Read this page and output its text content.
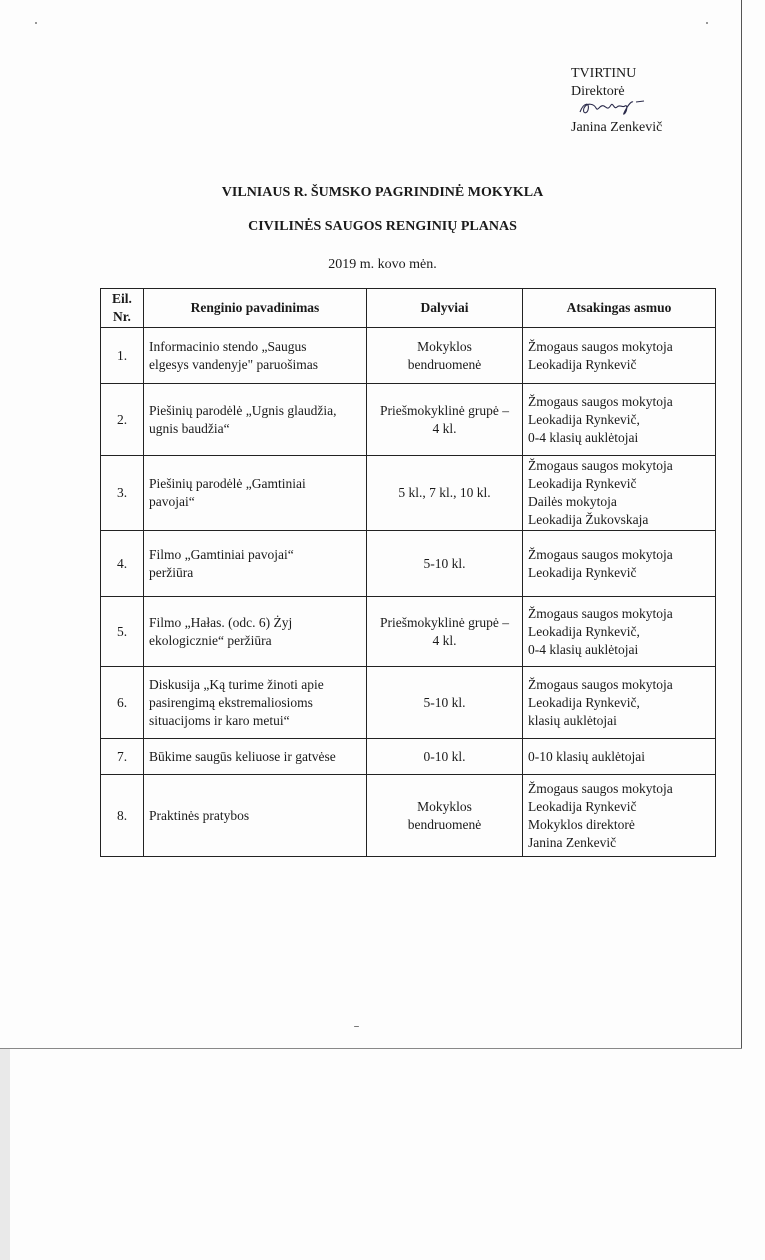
TVIRTINU
Direktorė
Janina Zenkevič
VILNIAUS R. ŠUMSKO PAGRINDINĖ MOKYKLA
CIVILINĖS SAUGOS RENGINIŲ PLANAS
2019 m. kovo mėn.
Eil. Nr.	Renginio pavadinimas	Dalyviai	Atsakingas asmuo
1.	Informacinio stendo „Saugus
elgesys vandenyje" paruošimas	Mokyklos
bendruomenė	Žmogaus saugos mokytoja
Leokadija Rynkevič

2.	Piešinių parodėlė „Ugnis glaudžia,
ugnis baudžia“	Priešmokyklinė grupė –
4 kl.	Žmogaus saugos mokytoja
Leokadija Rynkevič,
0-4 klasių auklėtojai

3.	Piešinių parodėlė „Gamtiniai
pavojai“	5 kl., 7 kl., 10 kl.	Žmogaus saugos mokytoja
Leokadija Rynkevič
Dailės mokytoja
Leokadija Žukovskaja

4.	Filmo „Gamtiniai pavojai“
peržiūra	5-10 kl.	Žmogaus saugos mokytoja
Leokadija Rynkevič

5.	Filmo „Hałas. (odc. 6) Żyj
ekologicznie“ peržiūra	Priešmokyklinė grupė –
4 kl.	Žmogaus saugos mokytoja
Leokadija Rynkevič,
0-4 klasių auklėtojai

6.	Diskusija „Ką turime žinoti apie
pasirengimą ekstremaliosioms
situacijoms ir karo metui“	5-10 kl.	Žmogaus saugos mokytoja
Leokadija Rynkevič,
klasių auklėtojai

7.	Būkime saugūs keliuose ir gatvėse	0-10 kl.	0-10 klasių auklėtojai

8.	Praktinės pratybos	Mokyklos
bendruomenė	Žmogaus saugos mokytoja
Leokadija Rynkevič
Mokyklos direktorė
Janina Zenkevič
